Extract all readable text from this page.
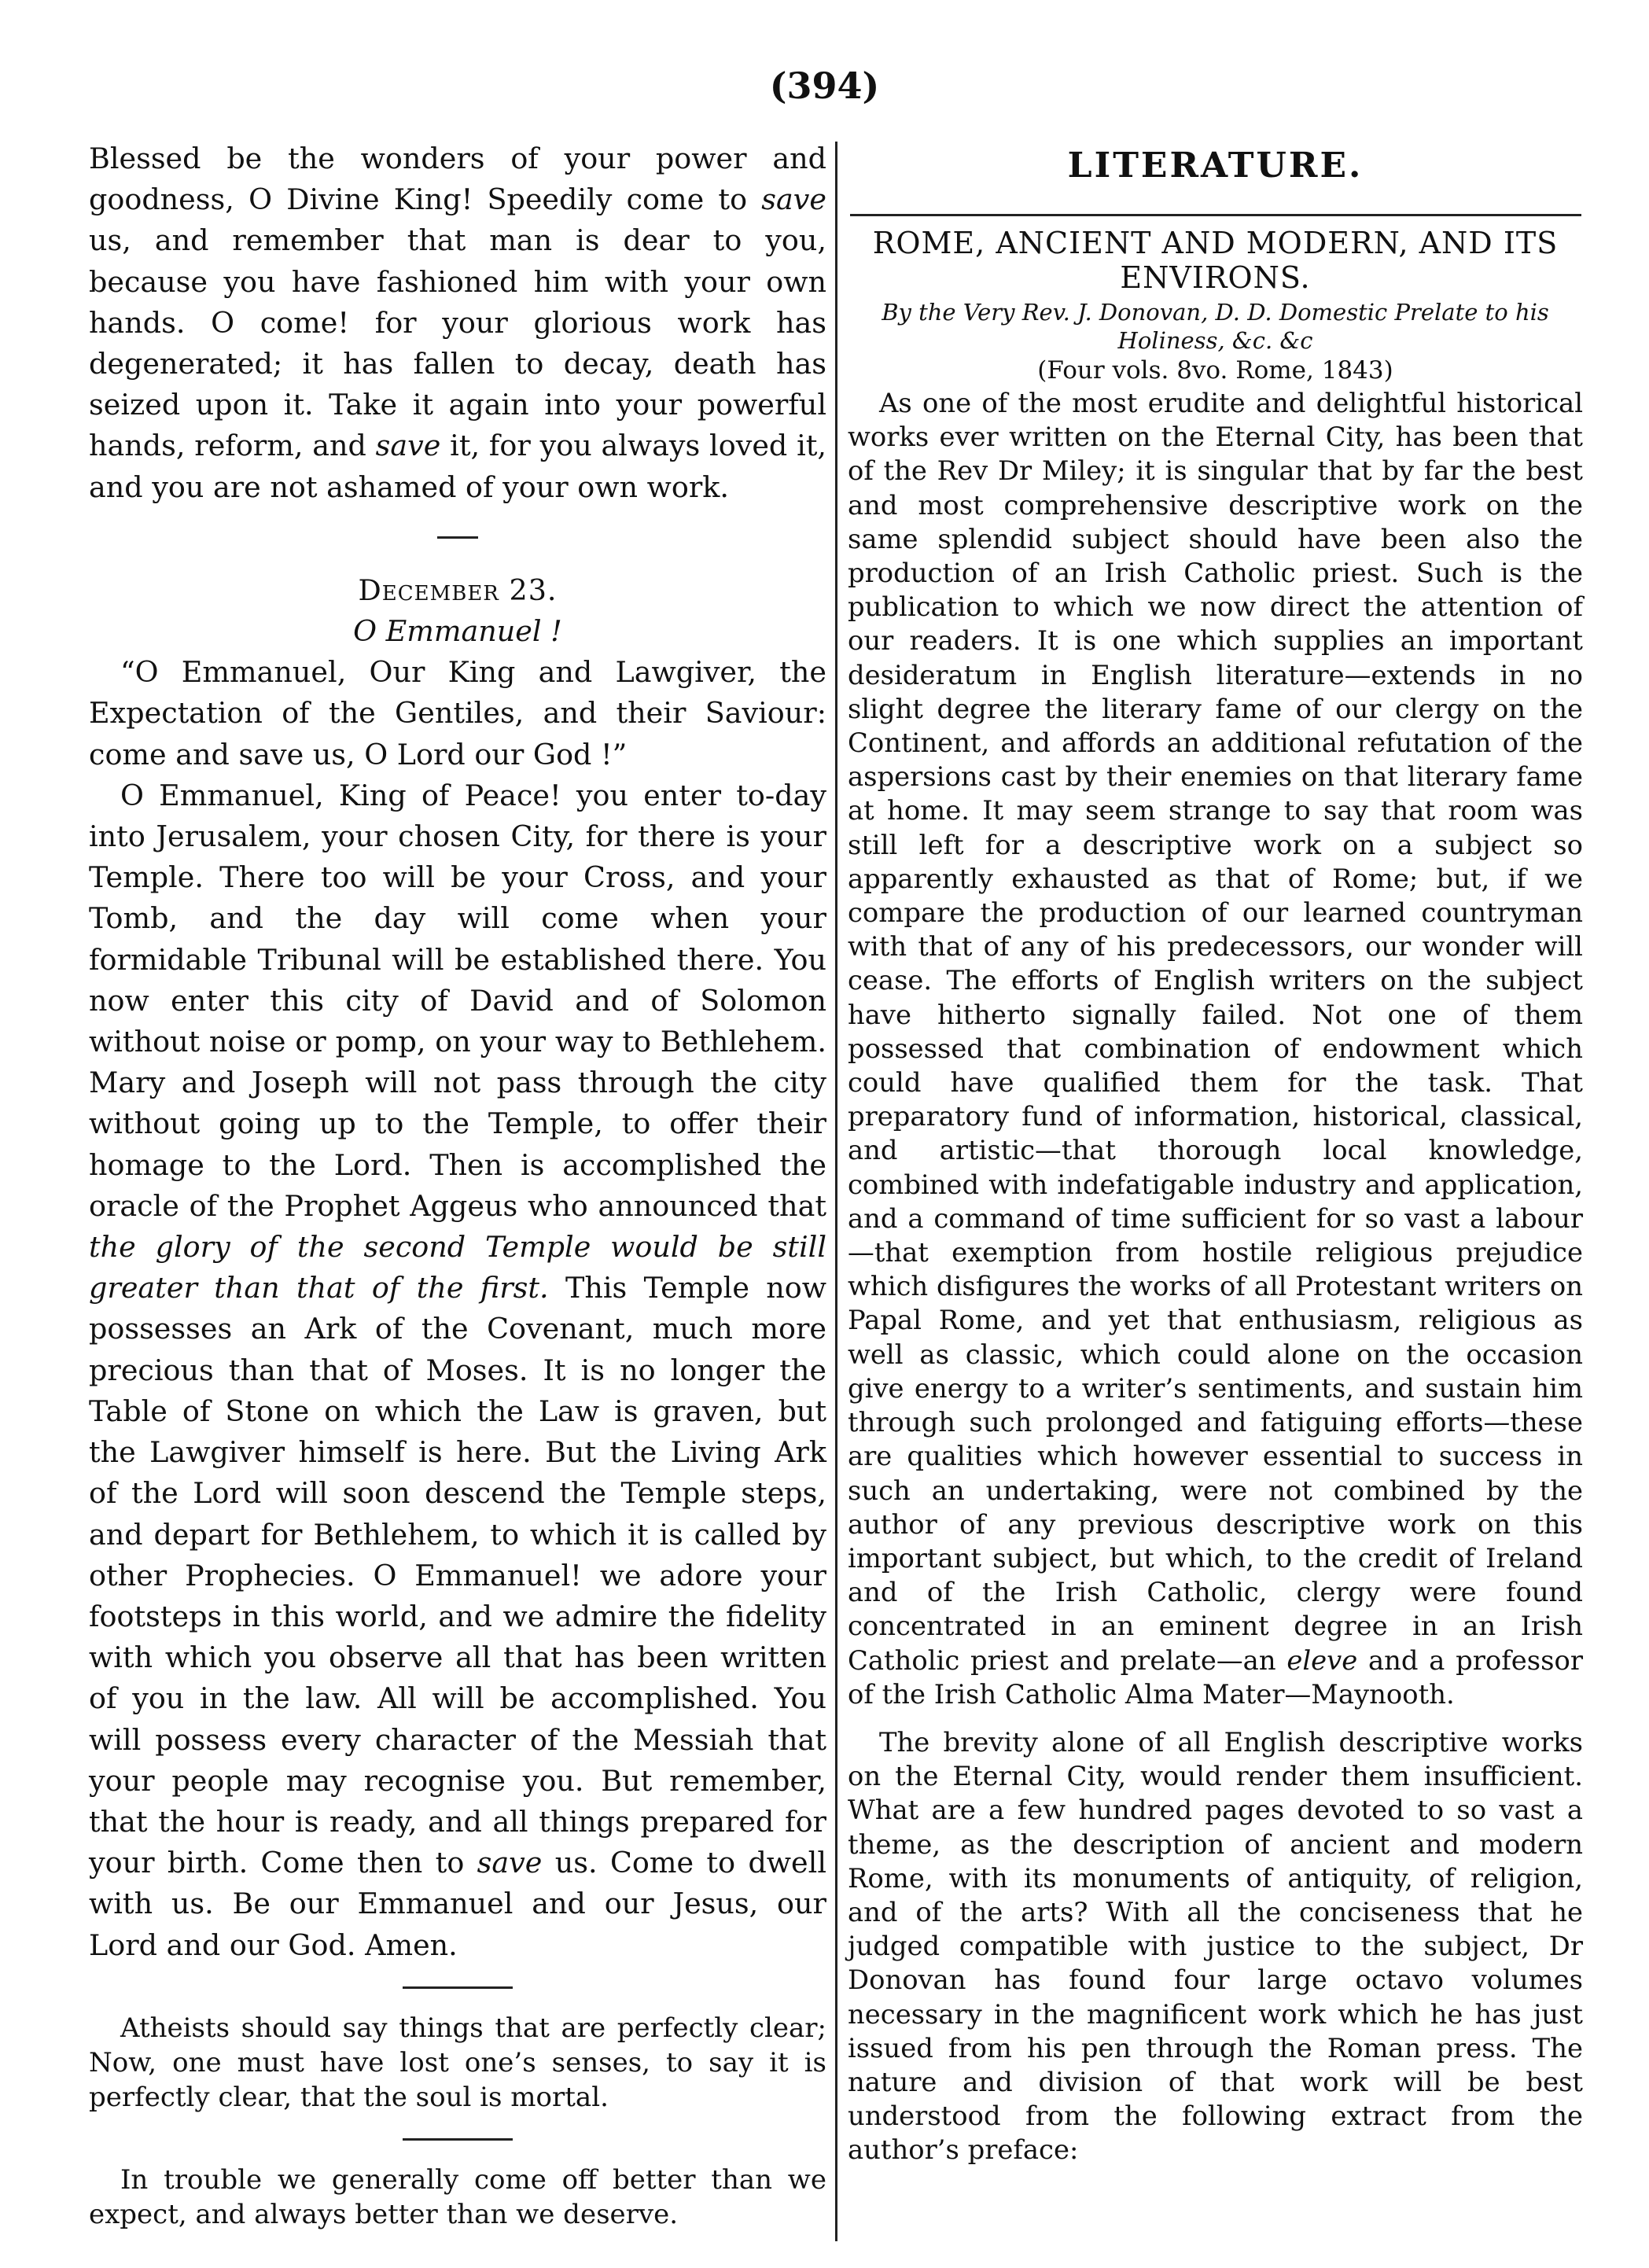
(394)

Blessed be the wonders of your power and goodness, O Divine King! Speedily come to save us, and remember that man is dear to you, because you have fashioned him with your own hands. O come! for your glorious work has degenerated; it has fallen to decay, death has seized upon it. Take it again into your powerful hands, reform, and save it, for you always loved it, and you are not ashamed of your own work.

December 23.

O Emmanuel !

“O Emmanuel, Our King and Lawgiver, the Expectation of the Gentiles, and their Saviour: come and save us, O Lord our God !”

O Emmanuel, King of Peace! you enter to-day into Jerusalem, your chosen City, for there is your Temple. There too will be your Cross, and your Tomb, and the day will come when your formidable Tribunal will be established there. You now enter this city of David and of Solomon without noise or pomp, on your way to Bethlehem. Mary and Joseph will not pass through the city without going up to the Temple, to offer their homage to the Lord. Then is accomplished the oracle of the Prophet Aggeus who announced that the glory of the second Temple would be still greater than that of the first. This Temple now possesses an Ark of the Covenant, much more precious than that of Moses. It is no longer the Table of Stone on which the Law is graven, but the Lawgiver himself is here. But the Living Ark of the Lord will soon descend the Temple steps, and depart for Bethlehem, to which it is called by other Prophecies. O Emmanuel! we adore your footsteps in this world, and we admire the fidelity with which you observe all that has been written of you in the law. All will be accomplished. You will possess every character of the Messiah that your people may recognise you. But remember, that the hour is ready, and all things prepared for your birth. Come then to save us. Come to dwell with us. Be our Emmanuel and our Jesus, our Lord and our God. Amen.

Atheists should say things that are perfectly clear; Now, one must have lost one’s senses, to say it is perfectly clear, that the soul is mortal.

In trouble we generally come off better than we expect, and always better than we deserve.

LITERATURE.
ROME, ANCIENT AND MODERN, AND ITS ENVIRONS.
By the Very Rev. J. Donovan, D. D. Domestic Prelate to his Holiness, &c. &c
(Four vols. 8vo. Rome, 1843)

As one of the most erudite and delightful historical works ever written on the Eternal City, has been that of the Rev Dr Miley; it is singular that by far the best and most comprehensive descriptive work on the same splendid subject should have been also the production of an Irish Catholic priest. Such is the publication to which we now direct the attention of our readers. It is one which supplies an important desideratum in English literature—extends in no slight degree the literary fame of our clergy on the Continent, and affords an additional refutation of the aspersions cast by their enemies on that literary fame at home. It may seem strange to say that room was still left for a descriptive work on a subject so apparently exhausted as that of Rome; but, if we compare the production of our learned countryman with that of any of his predecessors, our wonder will cease. The efforts of English writers on the subject have hitherto signally failed. Not one of them possessed that combination of endowment which could have qualified them for the task. That preparatory fund of information, historical, classical, and artistic—that thorough local knowledge, combined with indefatigable industry and application, and a command of time sufficient for so vast a labour—that exemption from hostile religious prejudice which disfigures the works of all Protestant writers on Papal Rome, and yet that enthusiasm, religious as well as classic, which could alone on the occasion give energy to a writer’s sentiments, and sustain him through such prolonged and fatiguing efforts—these are qualities which however essential to success in such an undertaking, were not combined by the author of any previous descriptive work on this important subject, but which, to the credit of Ireland and of the Irish Catholic, clergy were found concentrated in an eminent degree in an Irish Catholic priest and prelate—an eleve and a professor of the Irish Catholic Alma Mater—Maynooth.

The brevity alone of all English descriptive works on the Eternal City, would render them insufficient. What are a few hundred pages devoted to so vast a theme, as the description of ancient and modern Rome, with its monuments of antiquity, of religion, and of the arts? With all the conciseness that he judged compatible with justice to the subject, Dr Donovan has found four large octavo volumes necessary in the magnificent work which he has just issued from his pen through the Roman press. The nature and division of that work will be best understood from the following extract from the author’s preface:
